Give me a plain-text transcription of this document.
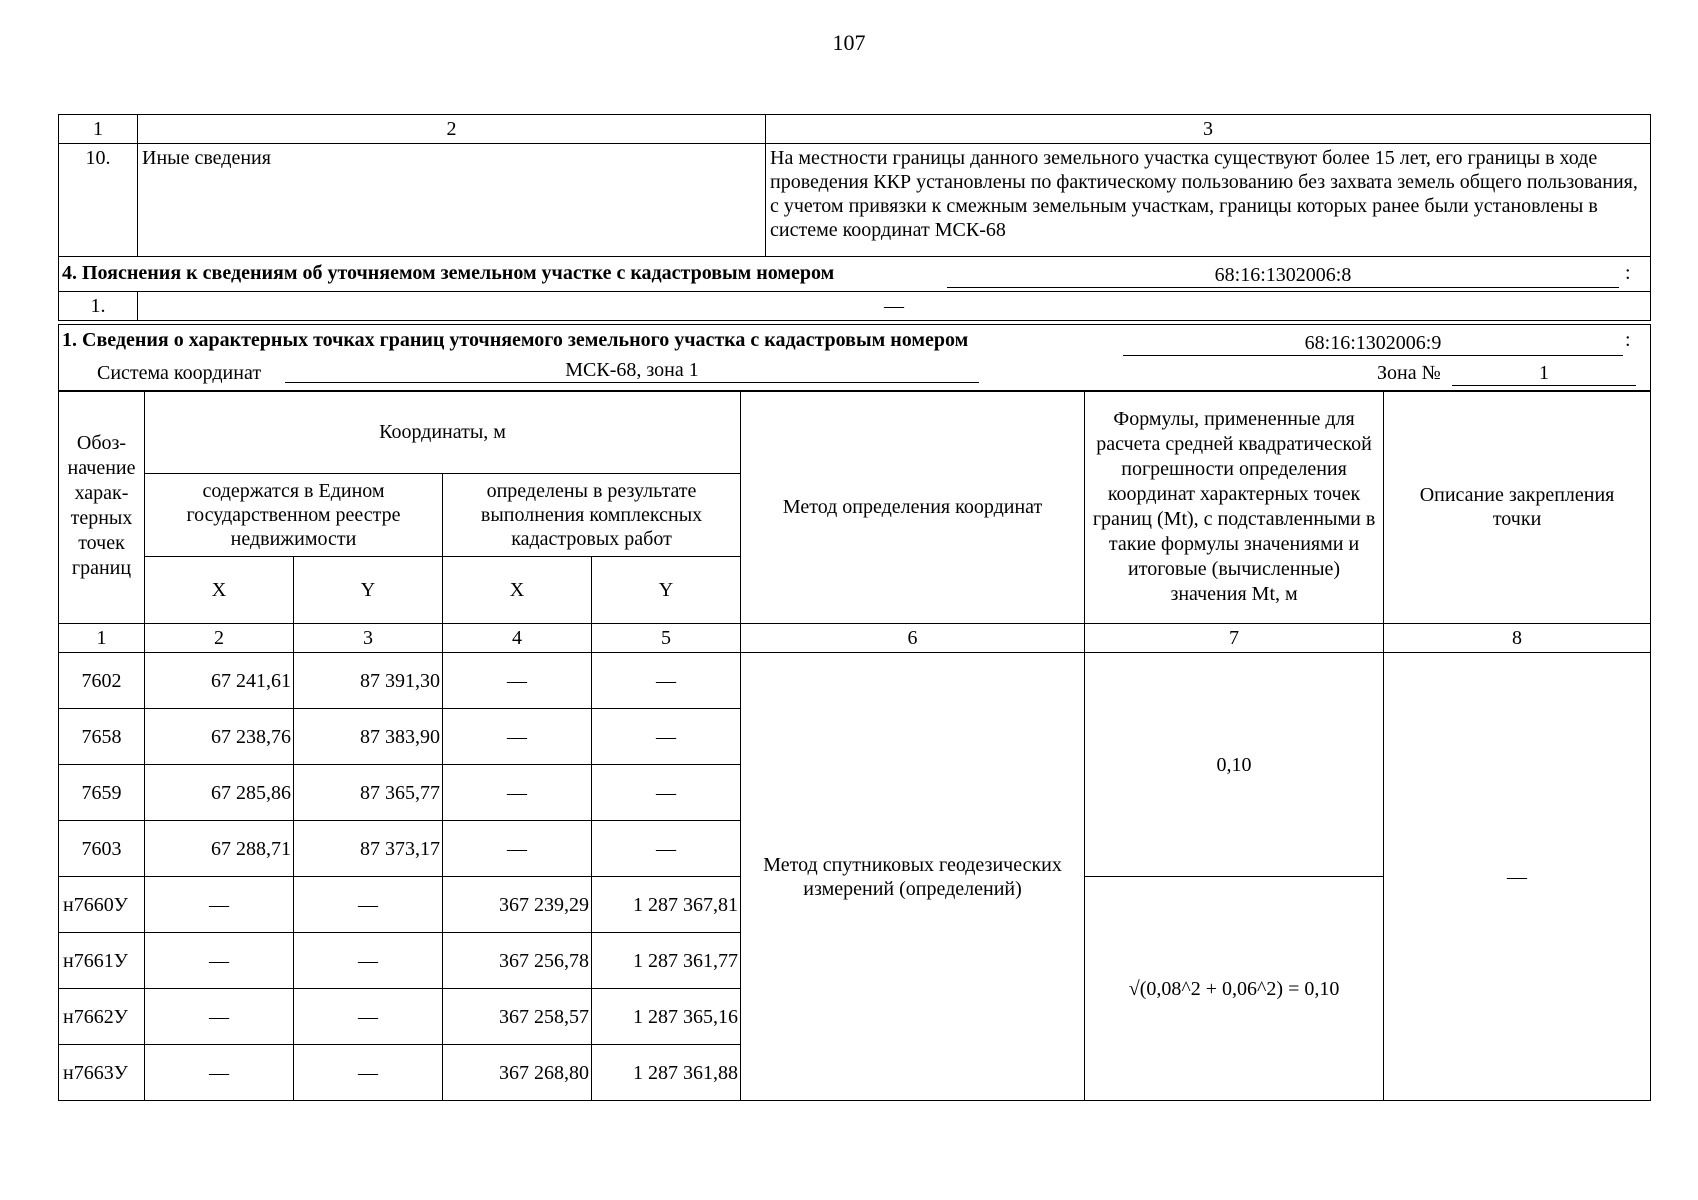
107
1	2	3
10.	Иные сведения	На местности границы данного земельного участка существуют более 15 лет, его границы в ходе проведения ККР установлены по фактическому пользованию без захвата земель общего пользования, с учетом привязки к смежным земельным участкам, границы которых ранее были установлены в системе координат МСК-68

4. Пояснения к сведениям об уточняемом земельном участке с кадастровым номером 68:16:1302006:8 :		

1.	—	
1. Сведения о характерных точках границ уточняемого земельного участка с кадастровым номером	68:16:1302006:9	:
Система координат	МСК-68, зона 1	Зона №	1
Обоз-начение харак-терных точек границ	Координаты, м				Метод определения координат	Формулы, примененные для расчета средней квадратической погрешности определения координат характерных точек границ (Mt), с подставленными в такие формулы значениями и итоговые (вычисленные) значения Mt, м	Описание закрепления точки
	содержатся в Едином государственном реестре недвижимости		определены в результате выполнения комплексных кадастровых работ				
	X	Y	X	Y			
1	2	3	4	5	6	7	8
7602	67 241,61	87 391,30	—	—	Метод спутниковых геодезических измерений (определений)	0,10	—
7658	67 238,76	87 383,90	—	—			
7659	67 285,86	87 365,77	—	—			
7603	67 288,71	87 373,17	—	—			
н7660У	—	—	367 239,29	1 287 367,81		√(0,08^2 + 0,06^2) = 0,10	
н7661У	—	—	367 256,78	1 287 361,77			
н7662У	—	—	367 258,57	1 287 365,16			
н7663У	—	—	367 268,80	1 287 361,88			
